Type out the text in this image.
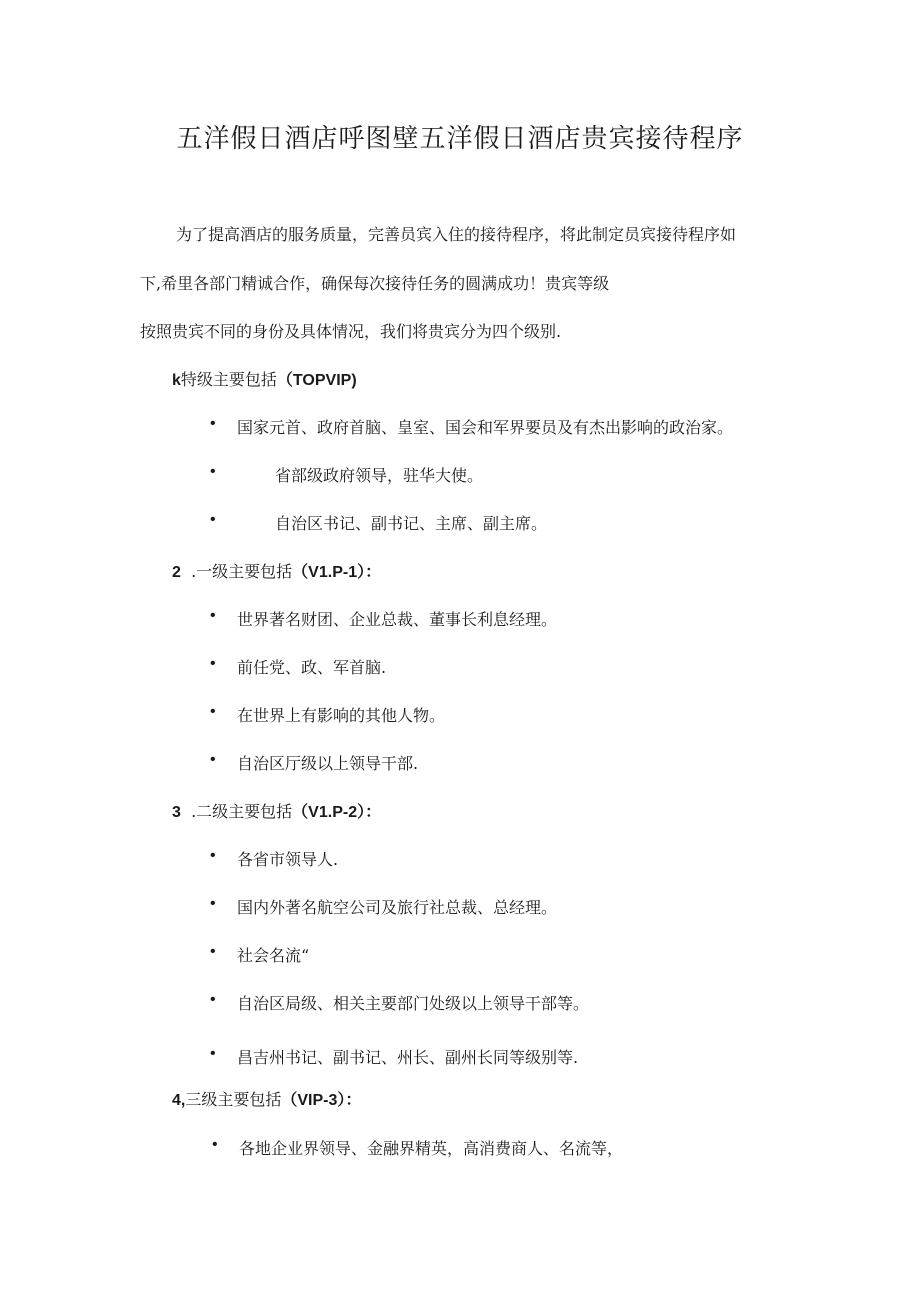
五洋假日酒店呼图壁五洋假日酒店贵宾接待程序

为了提高酒店的服务质量，完善员宾入住的接待程序，将此制定员宾接待程序如

下,希里各部门精诚合作，确保每次接待任务的圆满成功！贵宾等级

按照贵宾不同的身份及具体情况，我们将贵宾分为四个级别.

k特级主要包括（TOPVIP)
• 国家元首、政府首脑、皇室、国会和军界要员及有杰出影响的政治家。
•	省部级政府领导，驻华大使。
•	自治区书记、副书记、主席、副主席。
2 .一级主要包括（V1.P-1）：
• 世界著名财团、企业总裁、董事长利息经理。
• 前任党、政、军首脑.
• 在世界上有影响的其他人物。
• 自治区厅级以上领导干部.
3 .二级主要包括（V1.P-2）：
• 各省市领导人.
• 国内外著名航空公司及旅行社总裁、总经理。
• 社会名流“
• 自治区局级、相关主要部门处级以上领导干部等。
• 昌吉州书记、副书记、州长、副州长同等级别等.
4,三级主要包括（VIP-3）：
• 各地企业界领导、金融界精英，高消费商人、名流等，
